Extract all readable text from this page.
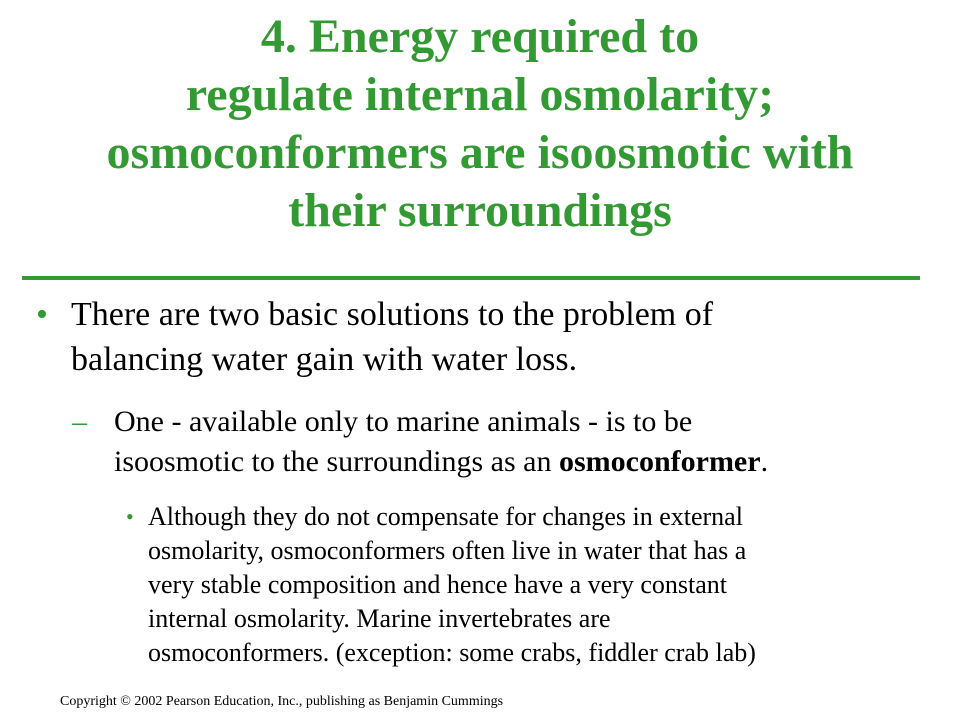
4. Energy required to
regulate internal osmolarity;
osmoconformers are isoosmotic with
their surroundings
• There are two basic solutions to the problem of
balancing water gain with water loss.
– One - available only to marine animals - is to be
isoosmotic to the surroundings as an osmoconformer.
• Although they do not compensate for changes in external
osmolarity, osmoconformers often live in water that has a
very stable composition and hence have a very constant
internal osmolarity. Marine invertebrates are
osmoconformers. (exception: some crabs, fiddler crab lab)
Copyright © 2002 Pearson Education, Inc., publishing as Benjamin Cummings
